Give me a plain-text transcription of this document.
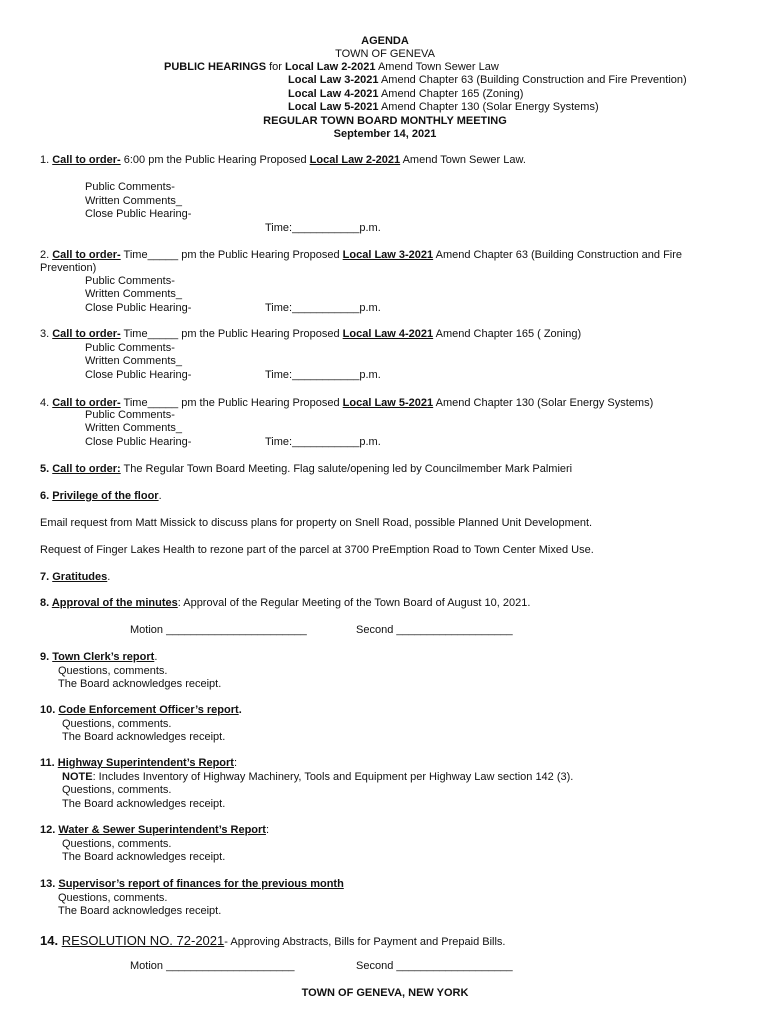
AGENDA
TOWN OF GENEVA
PUBLIC HEARINGS for Local Law 2-2021 Amend Town Sewer Law
Local Law 3-2021 Amend Chapter 63 (Building Construction and Fire Prevention)
Local Law 4-2021 Amend Chapter 165 (Zoning)
Local Law 5-2021 Amend Chapter 130 (Solar Energy Systems)
REGULAR TOWN BOARD MONTHLY MEETING
September 14, 2021
1. Call to order- 6:00 pm the Public Hearing Proposed Local Law 2-2021 Amend Town Sewer Law.
Public Comments-
Written Comments_
Close Public Hearing-
Time:___________p.m.
2. Call to order- Time_____ pm the Public Hearing Proposed Local Law 3-2021 Amend Chapter 63 (Building Construction and Fire
Prevention)
Public Comments-
Written Comments_
Close Public Hearing-	Time:___________p.m.
3. Call to order- Time_____ pm the Public Hearing Proposed Local Law 4-2021 Amend Chapter 165 ( Zoning)
Public Comments-
Written Comments_
Close Public Hearing-	Time:___________p.m.
4. Call to order- Time_____ pm the Public Hearing Proposed Local Law 5-2021 Amend Chapter 130 (Solar Energy Systems)
Public Comments-
Written Comments_
Close Public Hearing-	Time:___________p.m.
5. Call to order: The Regular Town Board Meeting. Flag salute/opening led by Councilmember Mark Palmieri
6. Privilege of the floor.
Email request from Matt Missick to discuss plans for property on Snell Road, possible Planned Unit Development.
Request of Finger Lakes Health to rezone part of the parcel at 3700 PreEmption Road to Town Center Mixed Use.
7. Gratitudes.
8. Approval of the minutes: Approval of the Regular Meeting of the Town Board of August 10, 2021.
Motion _______________________	Second ___________________
9. Town Clerk’s report.
Questions, comments.
The Board acknowledges receipt.
10. Code Enforcement Officer’s report.
Questions, comments.
The Board acknowledges receipt.
11. Highway Superintendent’s Report:
NOTE: Includes Inventory of Highway Machinery, Tools and Equipment per Highway Law section 142 (3).
Questions, comments.
The Board acknowledges receipt.
12. Water & Sewer Superintendent’s Report:
Questions, comments.
The Board acknowledges receipt.
13. Supervisor’s report of finances for the previous month
Questions, comments.
The Board acknowledges receipt.
14. RESOLUTION NO. 72-2021- Approving Abstracts, Bills for Payment and Prepaid Bills.
Motion _____________________	Second ___________________
TOWN OF GENEVA, NEW YORK
